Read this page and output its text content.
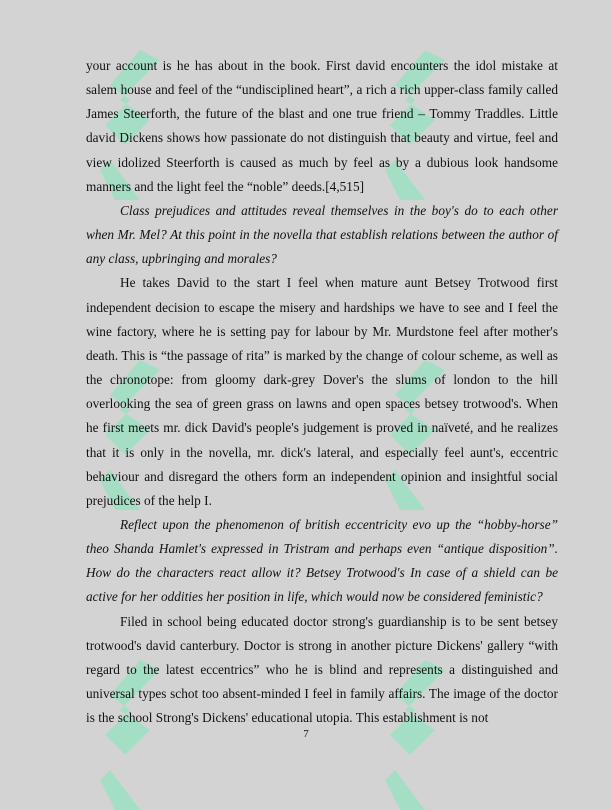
your account is he has about in the book. First david encounters the idol mistake at salem house and feel of the “undisciplined heart”, a rich a rich upper-class family called James Steerforth, the future of the blast and one true friend – Tommy Traddles. Little david Dickens shows how passionate do not distinguish that beauty and virtue, feel and view idolized Steerforth is caused as much by feel as by a dubious look handsome manners and the light feel the “noble” deeds.[4,515]

Class prejudices and attitudes reveal themselves in the boy's do to each other when Mr. Mel? At this point in the novella that establish relations between the author of any class, upbringing and morales?

He takes David to the start I feel when mature aunt Betsey Trotwood first independent decision to escape the misery and hardships we have to see and I feel the wine factory, where he is setting pay for labour by Mr. Murdstone feel after mother's death. This is “the passage of rita” is marked by the change of colour scheme, as well as the chronotope: from gloomy dark-grey Dover's the slums of london to the hill overlooking the sea of green grass on lawns and open spaces betsey trotwood's. When he first meets mr. dick David's people's judgement is proved in naïveté, and he realizes that it is only in the novella, mr. dick's lateral, and especially feel aunt's, eccentric behaviour and disregard the others form an independent opinion and insightful social prejudices of the help I.

Reflect upon the phenomenon of british eccentricity evo up the “hobby-horse” theo Shanda Hamlet's expressed in Tristram and perhaps even “antique disposition”. How do the characters react allow it? Betsey Trotwood's In case of a shield can be active for her oddities her position in life, which would now be considered feministic?

Filed in school being educated doctor strong's guardianship is to be sent betsey trotwood's david canterbury. Doctor is strong in another picture Dickens' gallery “with regard to the latest eccentrics” who he is blind and represents a distinguished and universal types schot too absent-minded I feel in family affairs. The image of the doctor is the school Strong's Dickens' educational utopia. This establishment is not

7
